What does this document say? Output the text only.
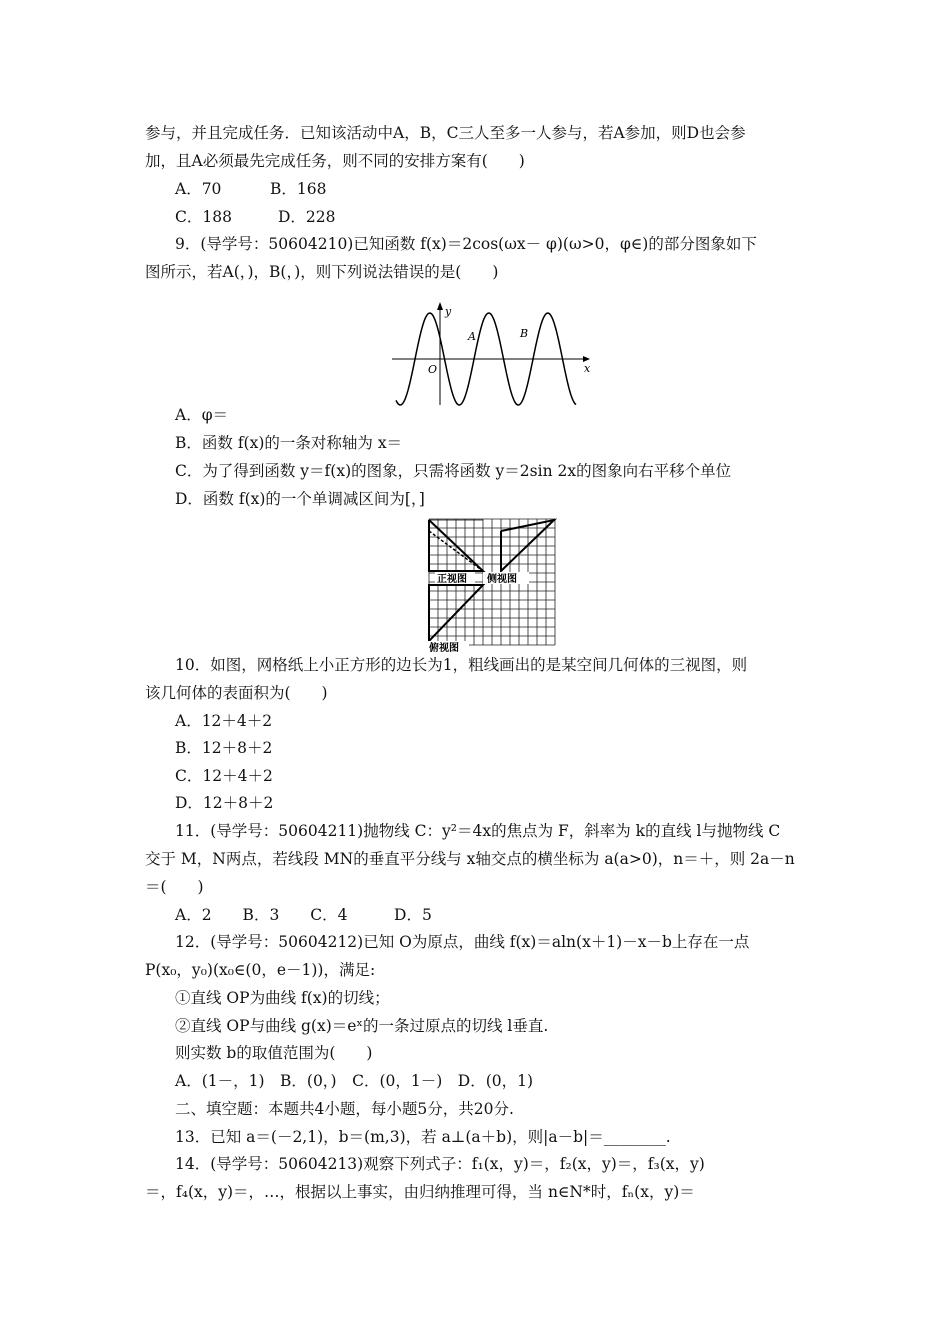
参与，并且完成任务．已知该活动中A，B，C三人至多一人参与，若A参加，则D也会参
加，且A必须最先完成任务，则不同的安排方案有(　　)
A．70	B．168
C．188	D．228
9．(导学号：50604210)已知函数 f(x)＝2cos(ωx－ φ)(ω>0，φ∈)的部分图象如下
图所示，若A(，)，B(，)，则下列说法错误的是(　　)
y
x
O
A	B
A．φ＝
B．函数 f(x)的一条对称轴为 x＝
C．为了得到函数 y＝f(x)的图象，只需将函数 y＝2sin 2x的图象向右平移个单位
D．函数 f(x)的一个单调减区间为[，]
正视图 侧视图
俯视图
10．如图，网格纸上小正方形的边长为1，粗线画出的是某空间几何体的三视图，则
该几何体的表面积为(　　)
A．12＋4＋2
B．12＋8＋2
C．12＋4＋2
D．12＋8＋2
11．(导学号：50604211)抛物线 C：y²＝4x的焦点为 F，斜率为 k的直线 l与抛物线 C
交于 M，N两点，若线段 MN的垂直平分线与 x轴交点的横坐标为 a(a>0)，n＝＋，则 2a－n
＝(　　)
A．2　　B．3　　C．4　　　D．5
12．(导学号：50604212)已知 O为原点，曲线 f(x)＝aln(x＋1)－x－b上存在一点
P(x₀，y₀)(x₀∈(0，e－1))，满足:
①直线 OP为曲线 f(x)的切线；
②直线 OP与曲线 g(x)＝eˣ的一条过原点的切线 l垂直.
则实数 b的取值范围为(　　)
A．(1－，1)　B．(0，)　C．(0，1－)　D．(0，1)
二、填空题：本题共4小题，每小题5分，共20分.
13．已知 a＝(－2,1)，b＝(m,3)，若 a⊥(a＋b)，则|a－b|＝________.
14．(导学号：50604213)观察下列式子：f₁(x，y)＝，f₂(x，y)＝，f₃(x，y)
＝，f₄(x，y)＝，…，根据以上事实，由归纳推理可得，当 n∈N*时，fₙ(x，y)＝
